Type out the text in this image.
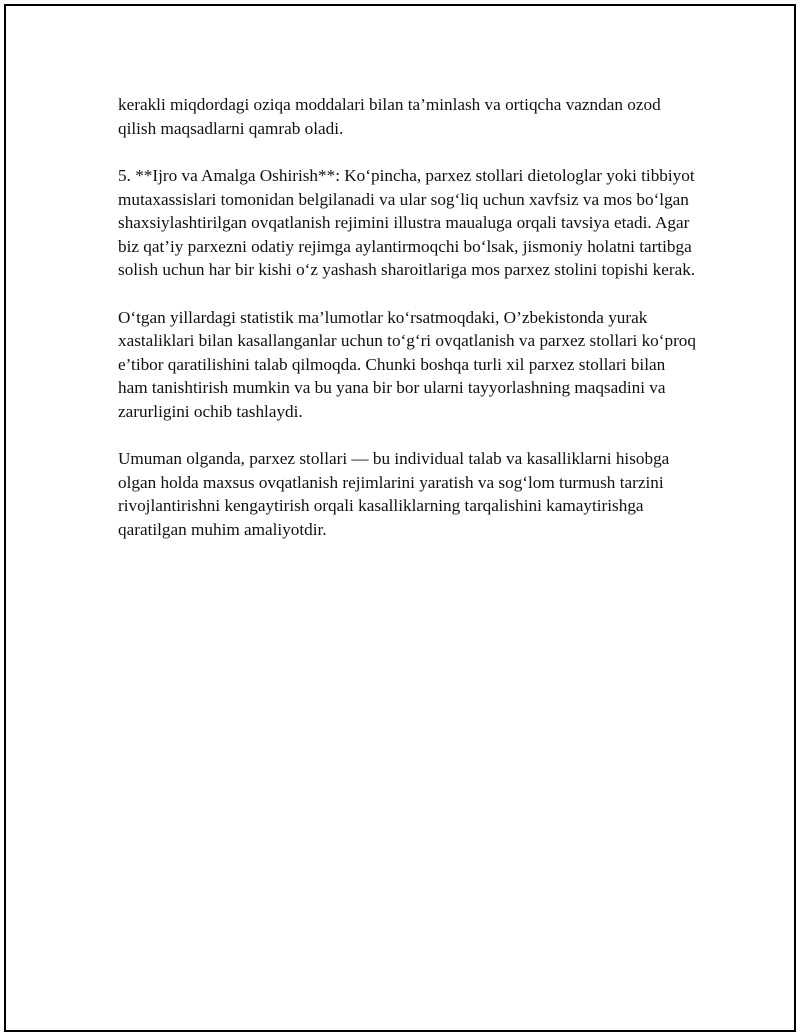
kerakli miqdordagi oziqa moddalari bilan ta’minlash va ortiqcha vazndan ozod qilish maqsadlarni qamrab oladi.

5. **Ijro va Amalga Oshirish**: Ko‘pincha, parxez stollari dietologlar yoki tibbiyot mutaxassislari tomonidan belgilanadi va ular sog‘liq uchun xavfsiz va mos bo‘lgan shaxsiylashtirilgan ovqatlanish rejimini illustra maualuga orqali tavsiya etadi. Agar biz qat’iy parxezni odatiy rejimga aylantirmoqchi bo‘lsak, jismoniy holatni tartibga solish uchun har bir kishi o‘z yashash sharoitlariga mos parxez stolini topishi kerak.

O‘tgan yillardagi statistik ma’lumotlar ko‘rsatmoqdaki, O’zbekistonda yurak xastaliklari bilan kasallanganlar uchun to‘g‘ri ovqatlanish va parxez stollari ko‘proq e’tibor qaratilishini talab qilmoqda. Chunki boshqa turli xil parxez stollari bilan ham tanishtirish mumkin va bu yana bir bor ularni tayyorlashning maqsadini va zarurligini ochib tashlaydi.

Umuman olganda, parxez stollari — bu individual talab va kasalliklarni hisobga olgan holda maxsus ovqatlanish rejimlarini yaratish va sog‘lom turmush tarzini rivojlantirishni kengaytirish orqali kasalliklarning tarqalishini kamaytirishga qaratilgan muhim amaliyotdir.
